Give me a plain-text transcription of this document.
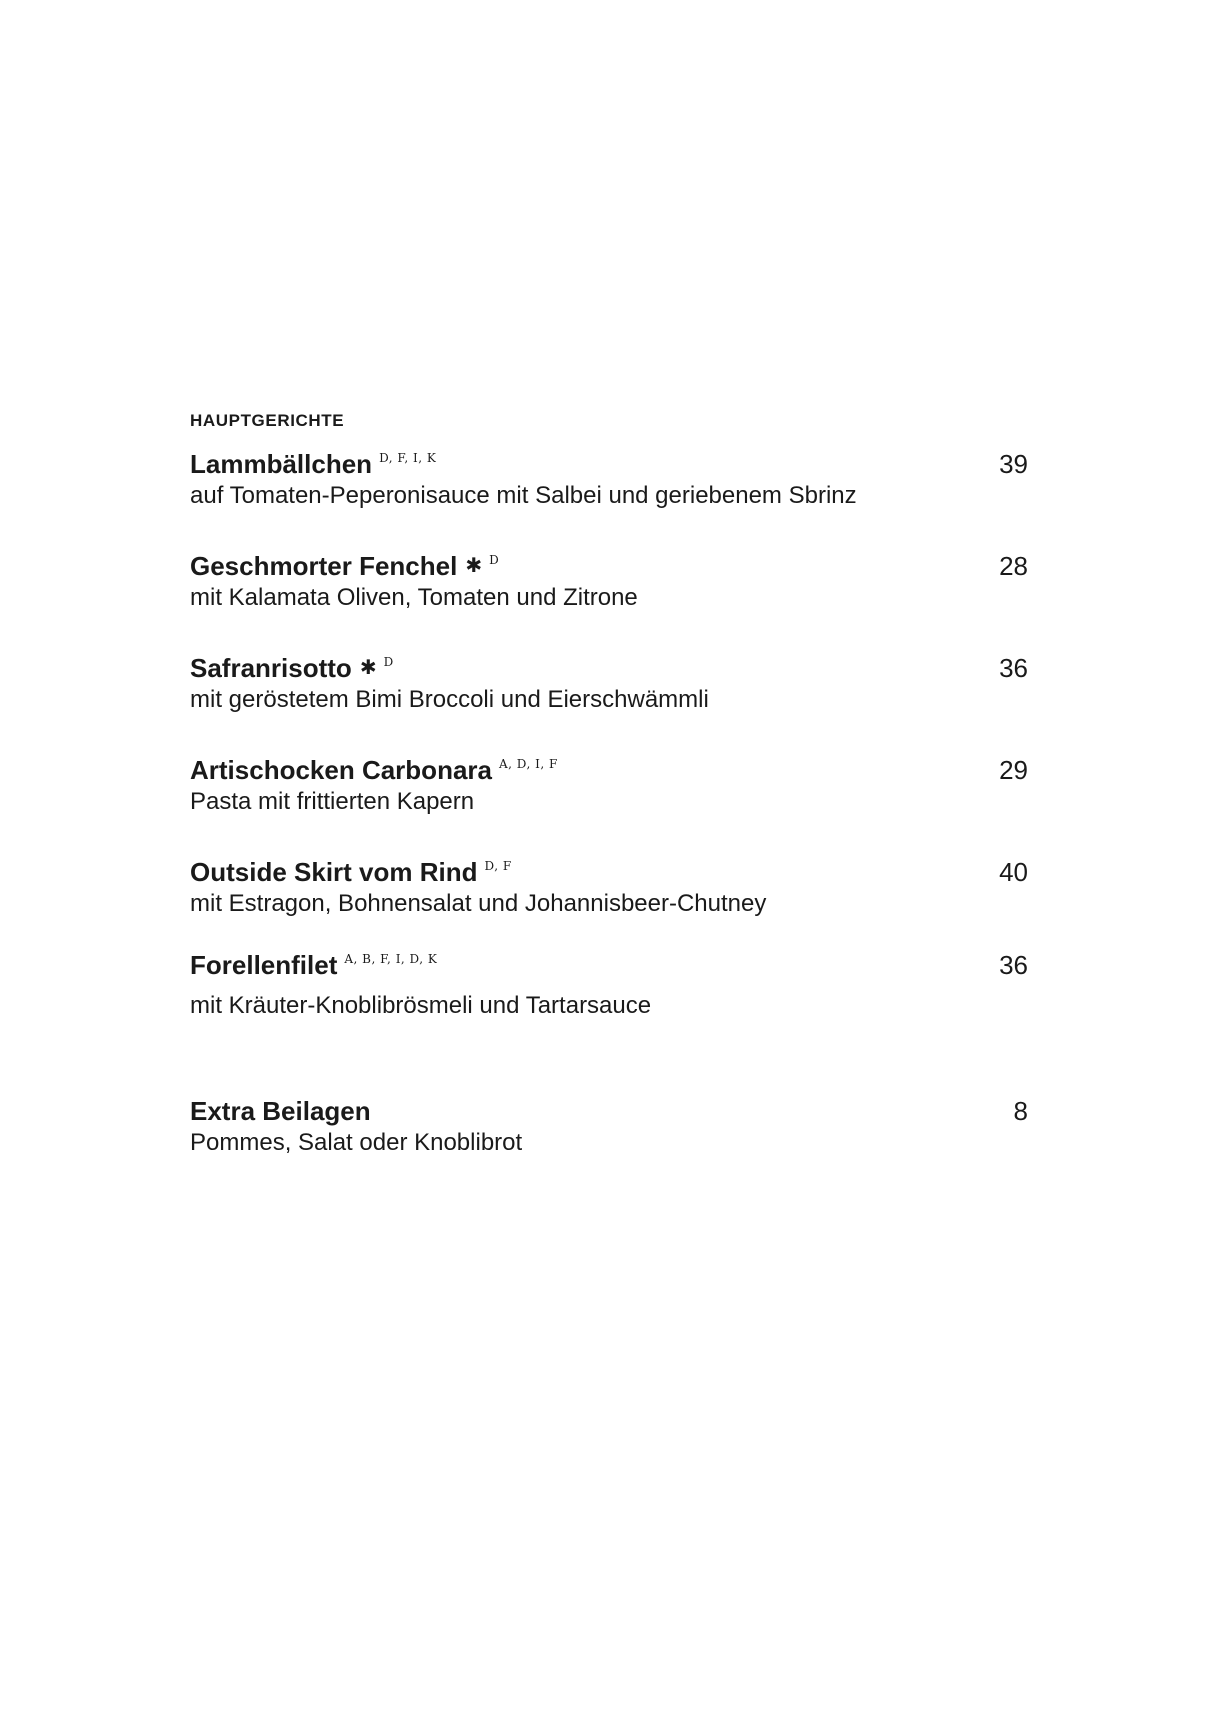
HAUPTGERICHTE
Lammbällchen D, F, I, K	39
auf Tomaten-Peperonisauce mit Salbei und geriebenem Sbrinz
Geschmorter Fenchel ✱ D	28
mit Kalamata Oliven, Tomaten und Zitrone
Safranrisotto ✱ D	36
mit geröstetem Bimi Broccoli und Eierschwämmli
Artischocken Carbonara A, D, I, F	29
Pasta mit frittierten Kapern
Outside Skirt vom Rind D, F	40
mit Estragon, Bohnensalat und Johannisbeer-Chutney
Forellenfilet A, B, F, I, D, K	36
mit Kräuter-Knoblibrösmeli und Tartarsauce
Extra Beilagen	8
Pommes, Salat oder Knoblibrot
